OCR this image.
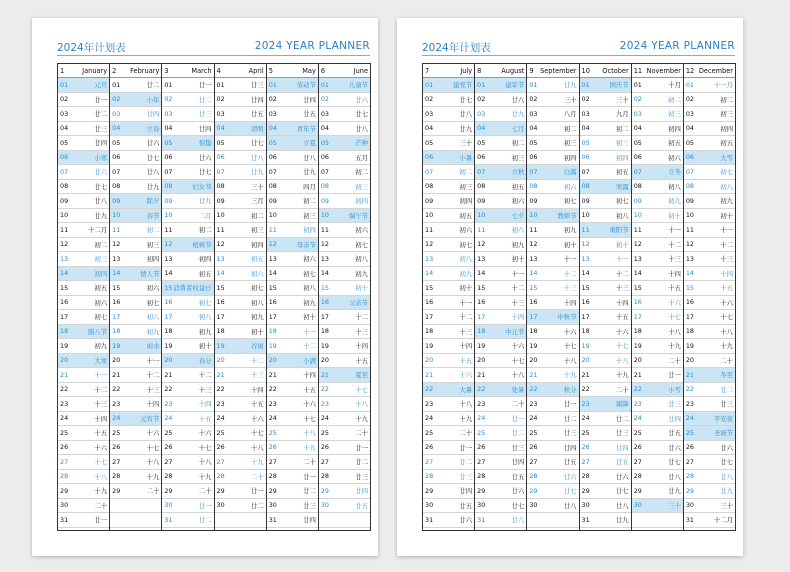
2024年计划表	2024 YEAR PLANNER
1	January
01	元旦
02	廿一
03	廿二
04	廿三
05	廿四
06	小寒
07	廿六
08	廿七
09	廿八
10	廿九
11	十二月
12	初二
13	初三
14	初四
15	初五
16	初六
17	初七
18	腊八节
19	初九
20	大寒
21	十一
22	十二
23	十三
24	十四
25	十五
26	十六
27	十七
28	十八
29	十九
30	二十
31	廿一
2 February
01	廿二
02	小年
03	廿四
04	立春
05	廿六
06	廿七
07	廿八
08	廿九
09	除夕
10	春节
11	初二
12	初三
13	初四
14	情人节
15	初六
16	初七
17	初八
18	初九
19	雨水
20	十一
21	十二
22	十三
23	十四
24	元宵节
25	十六
26	十七
27	十八
28	十九
29	二十
3	March
01	廿一
02	廿二
03	廿三
04	廿四
05	惊蛰
06	廿六
07	廿七
08	妇女节
09	廿九
10	二月
11	初二
12	植树节
13	初四
14	初五
15 消费者权益日
16	初七
17	初八
18	初九
19	初十
20	春分
21	十二
22	十三
23	十四
24	十五
25	十六
26	十七
27	十八
28	十九
29	二十
30	廿一
31	廿二
4	April
01	廿三
02	廿四
03	廿五
04	清明
05	廿七
06	廿八
07	廿九
08	三十
09	三月
10	初二
11	初三
12	初四
13	初五
14	初六
15	初七
16	初八
17	初九
18	初十
19	谷雨
20	十二
21	十三
22	十四
23	十五
24	十六
25	十七
26	十八
27	十九
28	二十
29	廿一
30	廿二
5	May
01	劳动节
02	廿四
03	廿五
04	青年节
05	立夏
06	廿八
07	廿九
08	四月
09	初二
10	初三
11	初四
12	母亲节
13	初六
14	初七
15	初八
16	初九
17	初十
18	十一
19	十二
20	小满
21	十四
22	十五
23	十六
24	十七
25	十八
26	十九
27	二十
28	廿一
29	廿二
30	廿三
31	廿四
6	June
01	儿童节
02	廿六
03	廿七
04	廿八
05	芒种
06	五月
07	初二
08	初三
09	初四
10	端午节
11	初六
12	初七
13	初八
14	初九
15	初十
16	父亲节
17	十二
18	十三
19	十四
20	十五
21	夏至
22	十七
23	十八
24	十九
25	二十
26	廿一
27	廿二
28	廿三
29	廿四
30	廿五
2024年计划表	2024 YEAR PLANNER
7	July
01	建党节
02	廿七
03	廿八
04	廿九
05	三十
06	小暑
07	初二
08	初三
09	初四
10	初五
11	初六
12	初七
13	初八
14	初九
15	初十
16	十一
17	十二
18	十三
19	十四
20	十五
21	十六
22	大暑
23	十八
24	十九
25	二十
26	廿一
27	廿二
28	廿三
29	廿四
30	廿五
31	廿六
8	August
01	建军节
02	廿八
03	廿九
04	七月
05	初二
06	初三
07	立秋
08	初五
09	初六
10	七夕
11	初八
12	初九
13	初十
14	十一
15	十二
16	十三
17	十四
18	中元节
19	十六
20	十七
21	十八
22	处暑
23	二十
24	廿一
25	廿二
26	廿三
27	廿四
28	廿五
29	廿六
30	廿七
31	廿八
9 September
01	廿九
02	三十
03	八月
04	初二
05	初三
06	初四
07	白露
08	初六
09	初七
10	教师节
11	初九
12	初十
13	十一
14	十二
15	十三
16	十四
17	中秋节
18	十六
19	十七
20	十八
21	十九
22	秋分
23	廿一
24	廿二
25	廿三
26	廿四
27	廿五
28	廿六
29	廿七
30	廿八
10 October
01	国庆节
02	三十
03	九月
04	初二
05	初三
06	初四
07	初五
08	寒露
09	初七
10	初八
11	重阳节
12	初十
13	十一
14	十二
15	十三
16	十四
17	十五
18	十六
19	十七
20	十八
21	十九
22	二十
23	霜降
24	廿二
25	廿三
26	廿四
27	廿五
28	廿六
29	廿七
30	廿八
31	廿九
11 November
01	十月
02	初二
03	初三
04	初四
05	初五
06	初六
07	立冬
08	初八
09	初九
10	初十
11	十一
12	十二
13	十三
14	十四
15	十五
16	十六
17	十七
18	十八
19	十九
20	二十
21	廿一
22	小雪
23	廿三
24	廿四
25	廿五
26	廿六
27	廿七
28	廿八
29	廿九
30	三十
12 December
01	十一月
02	初二
03	初三
04	初四
05	初五
06	大雪
07	初七
08	初八
09	初九
10	初十
11	十一
12	十二
13	十三
14	十四
15	十五
16	十六
17	十七
18	十八
19	十九
20	二十
21	冬至
22	廿二
23	廿三
24	平安夜
25	圣诞节
26	廿六
27	廿七
28	廿八
29	廿九
30	三十
31	十二月
